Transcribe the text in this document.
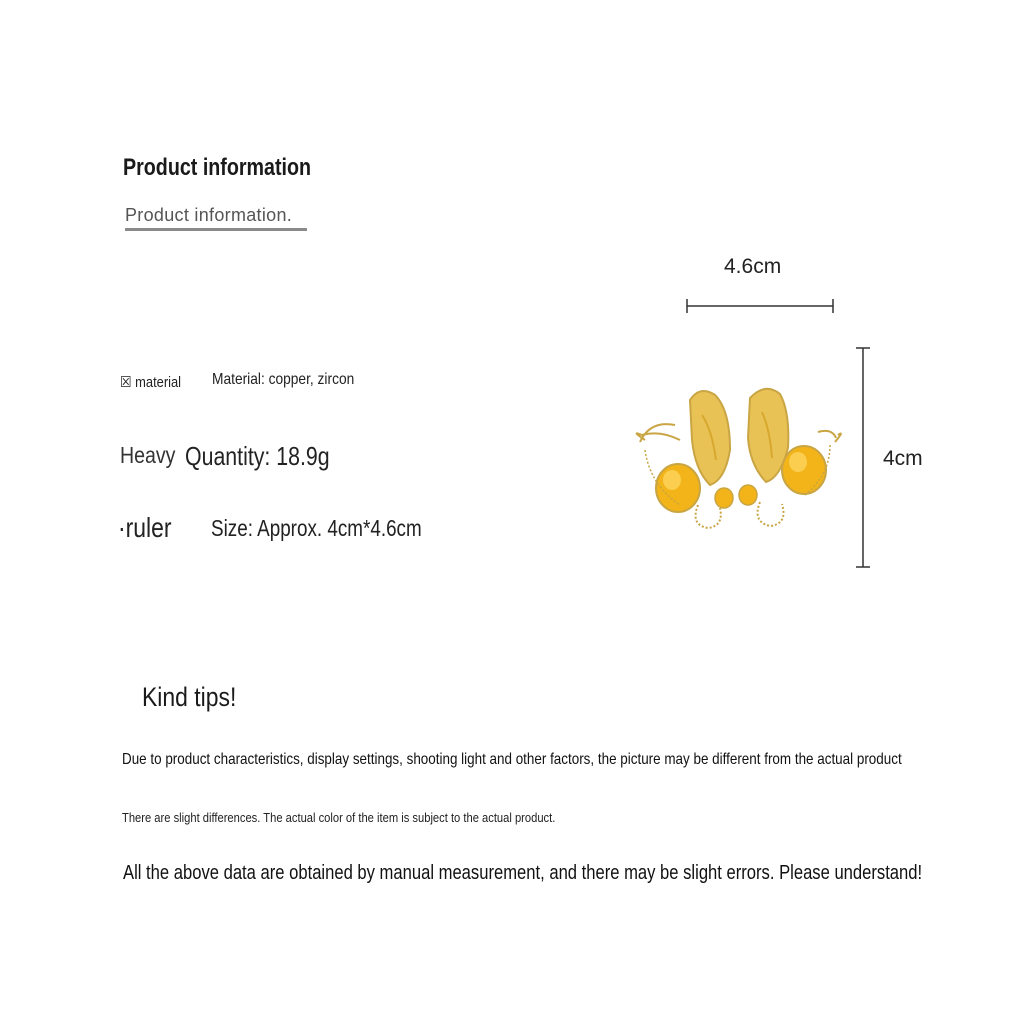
Product information
Product information.
☒ material Material: copper, zircon
Heavy Quantity: 18.9g
·ruler Size: Approx. 4cm*4.6cm
4.6cm
4cm
Kind tips!
Due to product characteristics, display settings, shooting light and other factors, the picture may be different from the actual product
There are slight differences. The actual color of the item is subject to the actual product.
All the above data are obtained by manual measurement, and there may be slight errors. Please understand!
